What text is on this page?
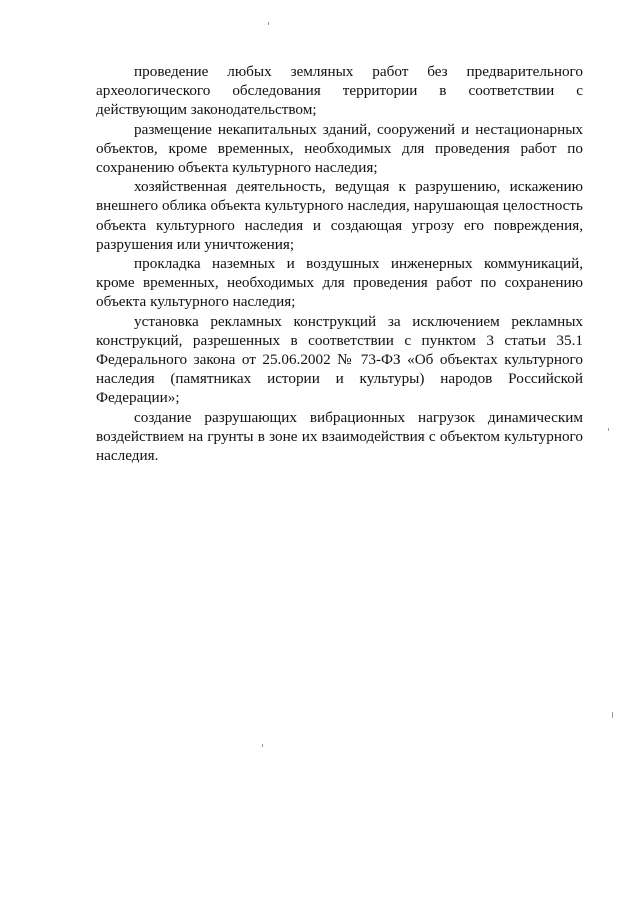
проведение любых земляных работ без предварительного археологического обследования территории в соответствии с действующим законодательством;

размещение некапитальных зданий, сооружений и нестационарных объектов, кроме временных, необходимых для проведения работ по сохранению объекта культурного наследия;

хозяйственная деятельность, ведущая к разрушению, искажению внешнего облика объекта культурного наследия, нарушающая целостность объекта культурного наследия и создающая угрозу его повреждения, разрушения или уничтожения;

прокладка наземных и воздушных инженерных коммуникаций, кроме временных, необходимых для проведения работ по сохранению объекта культурного наследия;

установка рекламных конструкций за исключением рекламных конструкций, разрешенных в соответствии с пунктом 3 статьи 35.1 Федерального закона от 25.06.2002 № 73-ФЗ «Об объектах культурного наследия (памятниках истории и культуры) народов Российской Федерации»;

создание разрушающих вибрационных нагрузок динамическим воздействием на грунты в зоне их взаимодействия с объектом культурного наследия.
